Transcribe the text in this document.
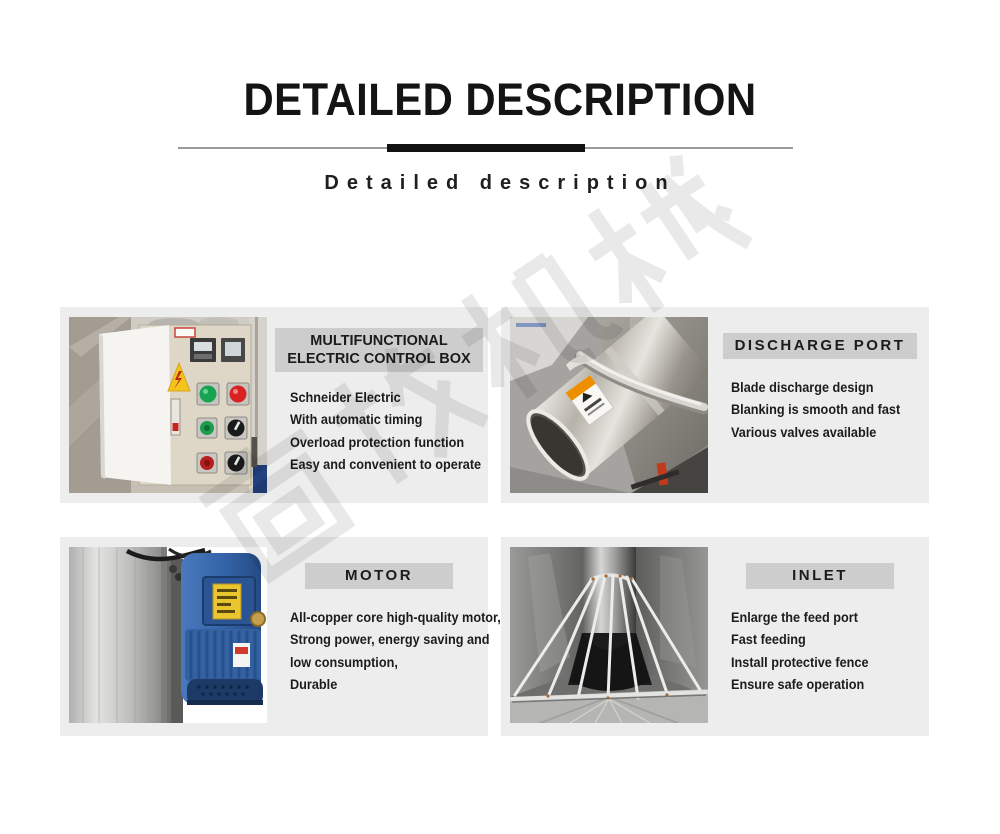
DETAILED DESCRIPTION
Detailed description
MULTIFUNCTIONAL
ELECTRIC CONTROL BOX
Schneider Electric
With automatic timing
Overload protection function
Easy and convenient to operate
DISCHARGE PORT
Blade discharge design
Blanking is smooth and fast
Various valves available
MOTOR
All-copper core high-quality motor,
Strong power, energy saving and
low consumption,
Durable
INLET
Enlarge the feed port
Fast feeding
Install protective fence
Ensure safe operation
